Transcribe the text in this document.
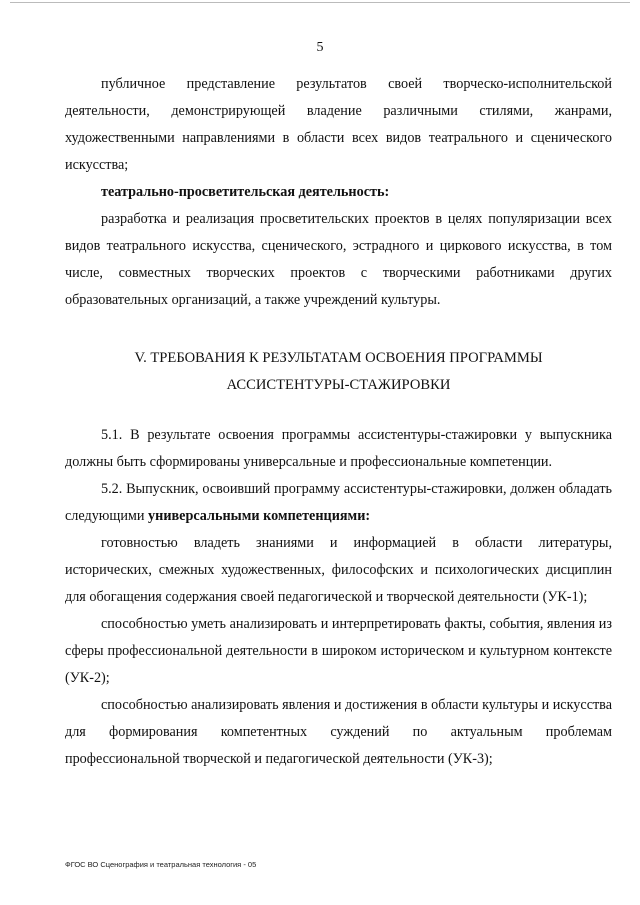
5

публичное представление результатов своей творческо-исполнительской деятельности, демонстрирующей владение различными стилями, жанрами, художественными направлениями в области всех видов театрального и сценического искусства;

театрально-просветительская деятельность:

разработка и реализация просветительских проектов в целях популяризации всех видов театрального искусства, сценического, эстрадного и циркового искусства, в том числе, совместных творческих проектов с творческими работниками других образовательных организаций, а также учреждений культуры.

V. ТРЕБОВАНИЯ К РЕЗУЛЬТАТАМ ОСВОЕНИЯ ПРОГРАММЫ
АССИСТЕНТУРЫ-СТАЖИРОВКИ

5.1. В результате освоения программы ассистентуры-стажировки у выпускника должны быть сформированы универсальные и профессиональные компетенции.

5.2. Выпускник, освоивший программу ассистентуры-стажировки, должен обладать следующими универсальными компетенциями:

готовностью владеть знаниями и информацией в области литературы, исторических, смежных художественных, философских и психологических дисциплин для обогащения содержания своей педагогической и творческой деятельности (УК-1);

способностью уметь анализировать и интерпретировать факты, события, явления из сферы профессиональной деятельности в широком историческом и культурном контексте (УК-2);

способностью анализировать явления и достижения в области культуры и искусства для формирования компетентных суждений по актуальным проблемам профессиональной творческой и педагогической деятельности (УК-3);

ФГОС ВО Сценография и театральная технология - 05
